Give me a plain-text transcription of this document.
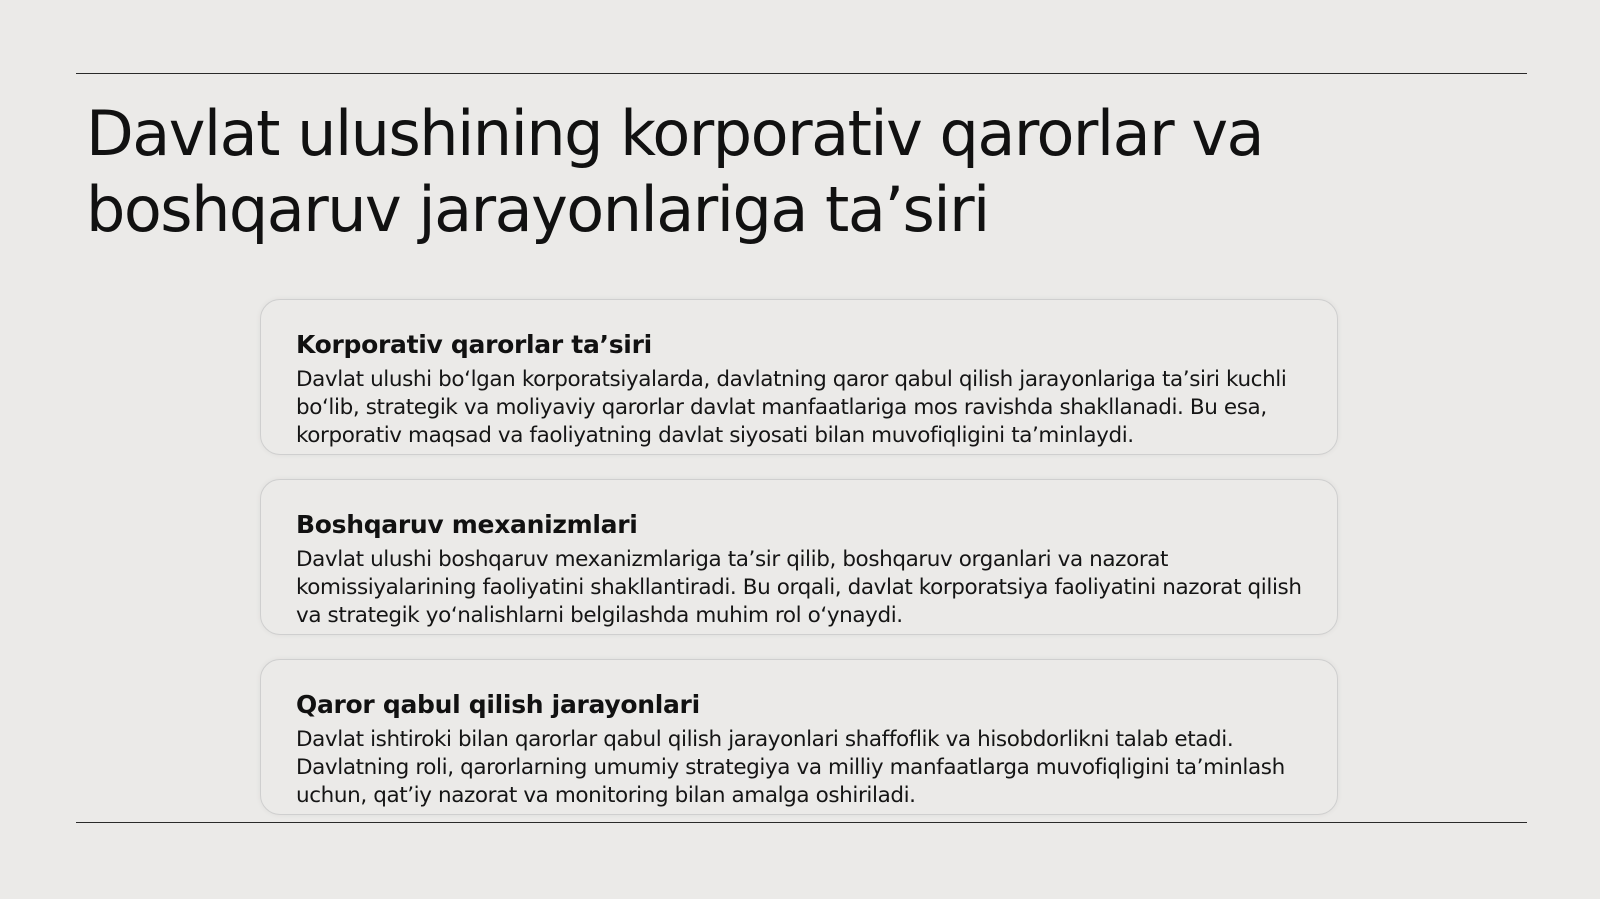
Davlat ulushining korporativ qarorlar va boshqaruv jarayonlariga ta’siri
Korporativ qarorlar ta’siri

Davlat ulushi bo‘lgan korporatsiyalarda, davlatning qaror qabul qilish jarayonlariga ta’siri kuchli bo‘lib, strategik va moliyaviy qarorlar davlat manfaatlariga mos ravishda shakllanadi. Bu esa, korporativ maqsad va faoliyatning davlat siyosati bilan muvofiqligini ta’minlaydi.

Boshqaruv mexanizmlari

Davlat ulushi boshqaruv mexanizmlariga ta’sir qilib, boshqaruv organlari va nazorat komissiyalarining faoliyatini shakllantiradi. Bu orqali, davlat korporatsiya faoliyatini nazorat qilish va strategik yo‘nalishlarni belgilashda muhim rol o‘ynaydi.

Qaror qabul qilish jarayonlari

Davlat ishtiroki bilan qarorlar qabul qilish jarayonlari shaffoflik va hisobdorlikni talab etadi. Davlatning roli, qarorlarning umumiy strategiya va milliy manfaatlarga muvofiqligini ta’minlash uchun, qat’iy nazorat va monitoring bilan amalga oshiriladi.
